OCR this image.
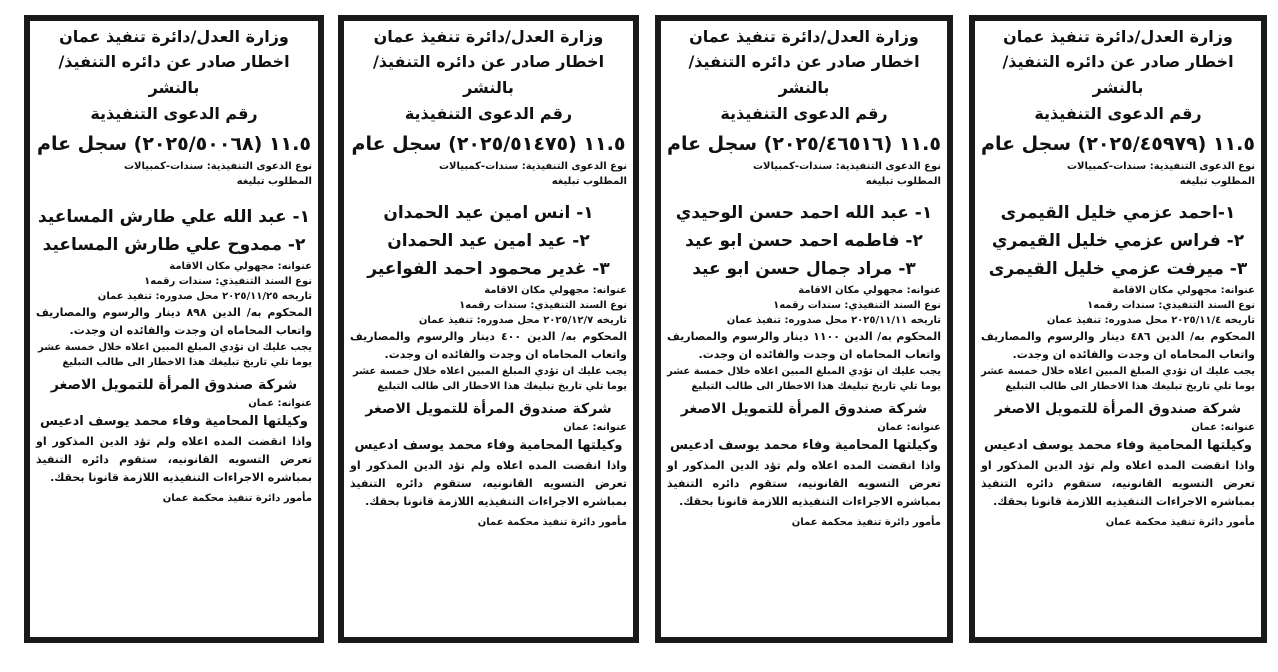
وزارة العدل/دائرة تنفيذ عمان
اخطار صادر عن دائره التنفيذ/ بالنشر
رقم الدعوى التنفيذية
١١.٥ (٢٠٢٥/٤٥٩٧٩) سجل عام
نوع الدعوى التنفيذية: سندات-كمبيالات
المطلوب تبليغه
١-احمد عزمي خليل القيمرى
٢- فراس عزمي خليل القيمري
٣- ميرفت عزمي خليل القيمرى
عنوانه: مجهولي مكان الاقامة
نوع السند التنفيذي: سندات رقمه١
تاريخه ٢٠٢٥/١١/٤ محل صدوره: تنفيذ عمان
المحكوم به/ الدين ٤٨٦ دينار والرسوم والمصاريف واتعاب المحاماه ان وجدت والفائده ان وجدت.
يجب عليك ان تؤدي المبلغ المبين اعلاه خلال خمسة عشر يوما تلي تاريخ تبليغك هذا الاخطار الى طالب التبليغ
شركة صندوق المرأة للتمويل الاصغر
عنوانه: عمان
وكيلتها المحامية وفاء محمد يوسف ادعيس
واذا انقضت المده اعلاه ولم تؤد الدين المذكور او تعرض التسويه القانونيه، ستقوم دائره التنفيذ بمباشره الاجراءات التنفيذيه اللازمة قانونا بحقك.
مأمور دائرة تنفيذ محكمة عمان
وزارة العدل/دائرة تنفيذ عمان
اخطار صادر عن دائره التنفيذ/ بالنشر
رقم الدعوى التنفيذية
١١.٥ (٢٠٢٥/٤٦٥١٦) سجل عام
نوع الدعوى التنفيذية: سندات-كمبيالات
المطلوب تبليغه
١- عبد الله احمد حسن الوحيدي
٢- فاطمه احمد حسن ابو عيد
٣- مراد جمال حسن ابو عيد
عنوانه: مجهولي مكان الاقامة
نوع السند التنفيذي: سندات رقمه١
تاريخه ٢٠٢٥/١١/١١ محل صدوره: تنفيذ عمان
المحكوم به/ الدين ١١٠٠ دينار والرسوم والمصاريف واتعاب المحاماه ان وجدت والفائده ان وجدت.
يجب عليك ان تؤدي المبلغ المبين اعلاه خلال خمسة عشر يوما تلي تاريخ تبليغك هذا الاخطار الى طالب التبليغ
شركة صندوق المرأة للتمويل الاصغر
عنوانه: عمان
وكيلتها المحامية وفاء محمد يوسف ادعيس
واذا انقضت المده اعلاه ولم تؤد الدين المذكور او تعرض التسويه القانونيه، ستقوم دائره التنفيذ بمباشره الاجراءات التنفيذيه اللازمة قانونا بحقك.
مأمور دائرة تنفيذ محكمة عمان
وزارة العدل/دائرة تنفيذ عمان
اخطار صادر عن دائره التنفيذ/ بالنشر
رقم الدعوى التنفيذية
١١.٥ (٢٠٢٥/٥١٤٧٥) سجل عام
نوع الدعوى التنفيذية: سندات-كمبيالات
المطلوب تبليغه
١- انس امين عيد الحمدان
٢- عيد امين عيد الحمدان
٣- غدير محمود احمد الفواعير
عنوانه: مجهولي مكان الاقامة
نوع السند التنفيذي: سندات رقمه١
تاريخه ٢٠٢٥/١٢/٧ محل صدوره: تنفيذ عمان
المحكوم به/ الدين ٤٠٠ دينار والرسوم والمصاريف واتعاب المحاماه ان وجدت والفائده ان وجدت.
يجب عليك ان تؤدي المبلغ المبين اعلاه خلال خمسة عشر يوما تلي تاريخ تبليغك هذا الاخطار الى طالب التبليغ
شركة صندوق المرأة للتمويل الاصغر
عنوانه: عمان
وكيلتها المحامية وفاء محمد يوسف ادعيس
واذا انقضت المده اعلاه ولم تؤد الدين المذكور او تعرض التسويه القانونيه، ستقوم دائره التنفيذ بمباشره الاجراءات التنفيذيه اللازمة قانونا بحقك.
مأمور دائرة تنفيذ محكمة عمان
وزارة العدل/دائرة تنفيذ عمان
اخطار صادر عن دائره التنفيذ/ بالنشر
رقم الدعوى التنفيذية
١١.٥ (٢٠٢٥/٥٠٠٦٨) سجل عام
نوع الدعوى التنفيذية: سندات-كمبيالات
المطلوب تبليغه
١- عبد الله علي طارش المساعيد
٢- ممدوح علي طارش المساعيد
عنوانه: مجهولي مكان الاقامة
نوع السند التنفيذي: سندات رقمه١
تاريخه ٢٠٢٥/١١/٢٥ محل صدوره: تنفيذ عمان
المحكوم به/ الدين ٨٩٨ دينار والرسوم والمصاريف واتعاب المحاماه ان وجدت والفائده ان وجدت.
يجب عليك ان تؤدي المبلغ المبين اعلاه خلال خمسة عشر يوما تلي تاريخ تبليغك هذا الاخطار الى طالب التبليغ
شركة صندوق المرأة للتمويل الاصغر
عنوانه: عمان
وكيلتها المحامية وفاء محمد يوسف ادعيس
واذا انقضت المده اعلاه ولم تؤد الدين المذكور او تعرض التسويه القانونيه، ستقوم دائره التنفيذ بمباشره الاجراءات التنفيذيه اللازمة قانونا بحقك.
مأمور دائرة تنفيذ محكمة عمان
